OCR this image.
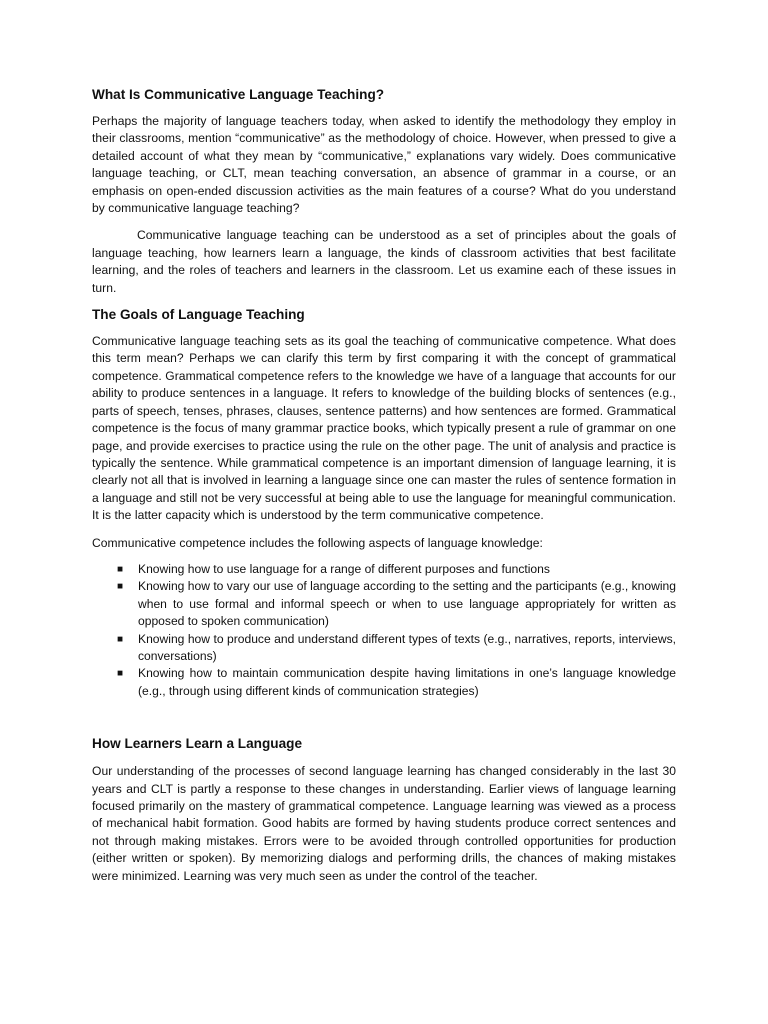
What Is Communicative Language Teaching?

Perhaps the majority of language teachers today, when asked to identify the methodology they employ in their classrooms, mention “communicative” as the methodology of choice. However, when pressed to give a detailed account of what they mean by “communicative,” explanations vary widely. Does communicative language teaching, or CLT, mean teaching conversation, an absence of grammar in a course, or an emphasis on open-ended discussion activities as the main features of a course? What do you understand by communicative language teaching?

Communicative language teaching can be understood as a set of principles about the goals of language teaching, how learners learn a language, the kinds of classroom activities that best facilitate learning, and the roles of teachers and learners in the classroom. Let us examine each of these issues in turn.

The Goals of Language Teaching

Communicative language teaching sets as its goal the teaching of communicative competence. What does this term mean? Perhaps we can clarify this term by first comparing it with the concept of grammatical competence. Grammatical competence refers to the knowledge we have of a language that accounts for our ability to produce sentences in a language. It refers to knowledge of the building blocks of sentences (e.g., parts of speech, tenses, phrases, clauses, sentence patterns) and how sentences are formed. Grammatical competence is the focus of many grammar practice books, which typically present a rule of grammar on one page, and provide exercises to practice using the rule on the other page. The unit of analysis and practice is typically the sentence. While grammatical competence is an important dimension of language learning, it is clearly not all that is involved in learning a language since one can master the rules of sentence formation in a language and still not be very successful at being able to use the language for meaningful communication. It is the latter capacity which is understood by the term communicative competence.

Communicative competence includes the following aspects of language knowledge:

■ Knowing how to use language for a range of different purposes and functions
■ Knowing how to vary our use of language according to the setting and the participants (e.g., knowing when to use formal and informal speech or when to use language appropriately for written as opposed to spoken communication)
■ Knowing how to produce and understand different types of texts (e.g., narratives, reports, interviews, conversations)
■ Knowing how to maintain communication despite having limitations in one’s language knowledge (e.g., through using different kinds of communication strategies)
How Learners Learn a Language

Our understanding of the processes of second language learning has changed considerably in the last 30 years and CLT is partly a response to these changes in understanding. Earlier views of language learning focused primarily on the mastery of grammatical competence. Language learning was viewed as a process of mechanical habit formation. Good habits are formed by having students produce correct sentences and not through making mistakes. Errors were to be avoided through controlled opportunities for production (either written or spoken). By memorizing dialogs and performing drills, the chances of making mistakes were minimized. Learning was very much seen as under the control of the teacher.
